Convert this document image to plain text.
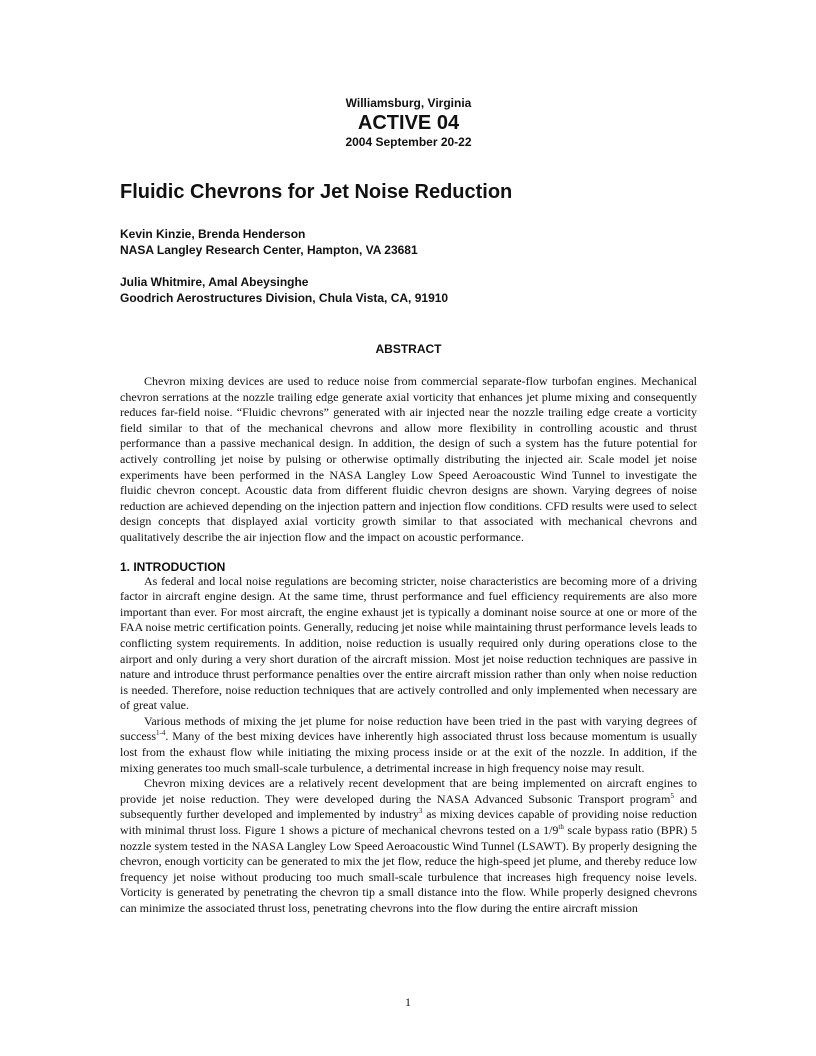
Williamsburg, Virginia
ACTIVE 04
2004 September 20-22
Fluidic Chevrons for Jet Noise Reduction
Kevin Kinzie, Brenda Henderson
NASA Langley Research Center, Hampton, VA 23681
Julia Whitmire, Amal Abeysinghe
Goodrich Aerostructures Division, Chula Vista, CA, 91910
ABSTRACT

Chevron mixing devices are used to reduce noise from commercial separate-flow turbofan engines. Mechanical chevron serrations at the nozzle trailing edge generate axial vorticity that enhances jet plume mixing and consequently reduces far-field noise. “Fluidic chevrons” generated with air injected near the nozzle trailing edge create a vorticity field similar to that of the mechanical chevrons and allow more flexibility in controlling acoustic and thrust performance than a passive mechanical design. In addition, the design of such a system has the future potential for actively controlling jet noise by pulsing or otherwise optimally distributing the injected air. Scale model jet noise experiments have been performed in the NASA Langley Low Speed Aeroacoustic Wind Tunnel to investigate the fluidic chevron concept. Acoustic data from different fluidic chevron designs are shown. Varying degrees of noise reduction are achieved depending on the injection pattern and injection flow conditions. CFD results were used to select design concepts that displayed axial vorticity growth similar to that associated with mechanical chevrons and qualitatively describe the air injection flow and the impact on acoustic performance.

1. INTRODUCTION

As federal and local noise regulations are becoming stricter, noise characteristics are becoming more of a driving factor in aircraft engine design. At the same time, thrust performance and fuel efficiency requirements are also more important than ever. For most aircraft, the engine exhaust jet is typically a dominant noise source at one or more of the FAA noise metric certification points. Generally, reducing jet noise while maintaining thrust performance levels leads to conflicting system requirements. In addition, noise reduction is usually required only during operations close to the airport and only during a very short duration of the aircraft mission. Most jet noise reduction techniques are passive in nature and introduce thrust performance penalties over the entire aircraft mission rather than only when noise reduction is needed. Therefore, noise reduction techniques that are actively controlled and only implemented when necessary are of great value.

Various methods of mixing the jet plume for noise reduction have been tried in the past with varying degrees of success$^{1-4}$. Many of the best mixing devices have inherently high associated thrust loss because momentum is usually lost from the exhaust flow while initiating the mixing process inside or at the exit of the nozzle. In addition, if the mixing generates too much small-scale turbulence, a detrimental increase in high frequency noise may result.

Chevron mixing devices are a relatively recent development that are being implemented on aircraft engines to provide jet noise reduction. They were developed during the NASA Advanced Subsonic Transport program$^5$ and subsequently further developed and implemented by industry$^3$ as mixing devices capable of providing noise reduction with minimal thrust loss. Figure 1 shows a picture of mechanical chevrons tested on a 1/9th scale bypass ratio (BPR) 5 nozzle system tested in the NASA Langley Low Speed Aeroacoustic Wind Tunnel (LSAWT). By properly designing the chevron, enough vorticity can be generated to mix the jet flow, reduce the high-speed jet plume, and thereby reduce low frequency jet noise without producing too much small-scale turbulence that increases high frequency noise levels. Vorticity is generated by penetrating the chevron tip a small distance into the flow. While properly designed chevrons can minimize the associated thrust loss, penetrating chevrons into the flow during the entire aircraft mission

1
